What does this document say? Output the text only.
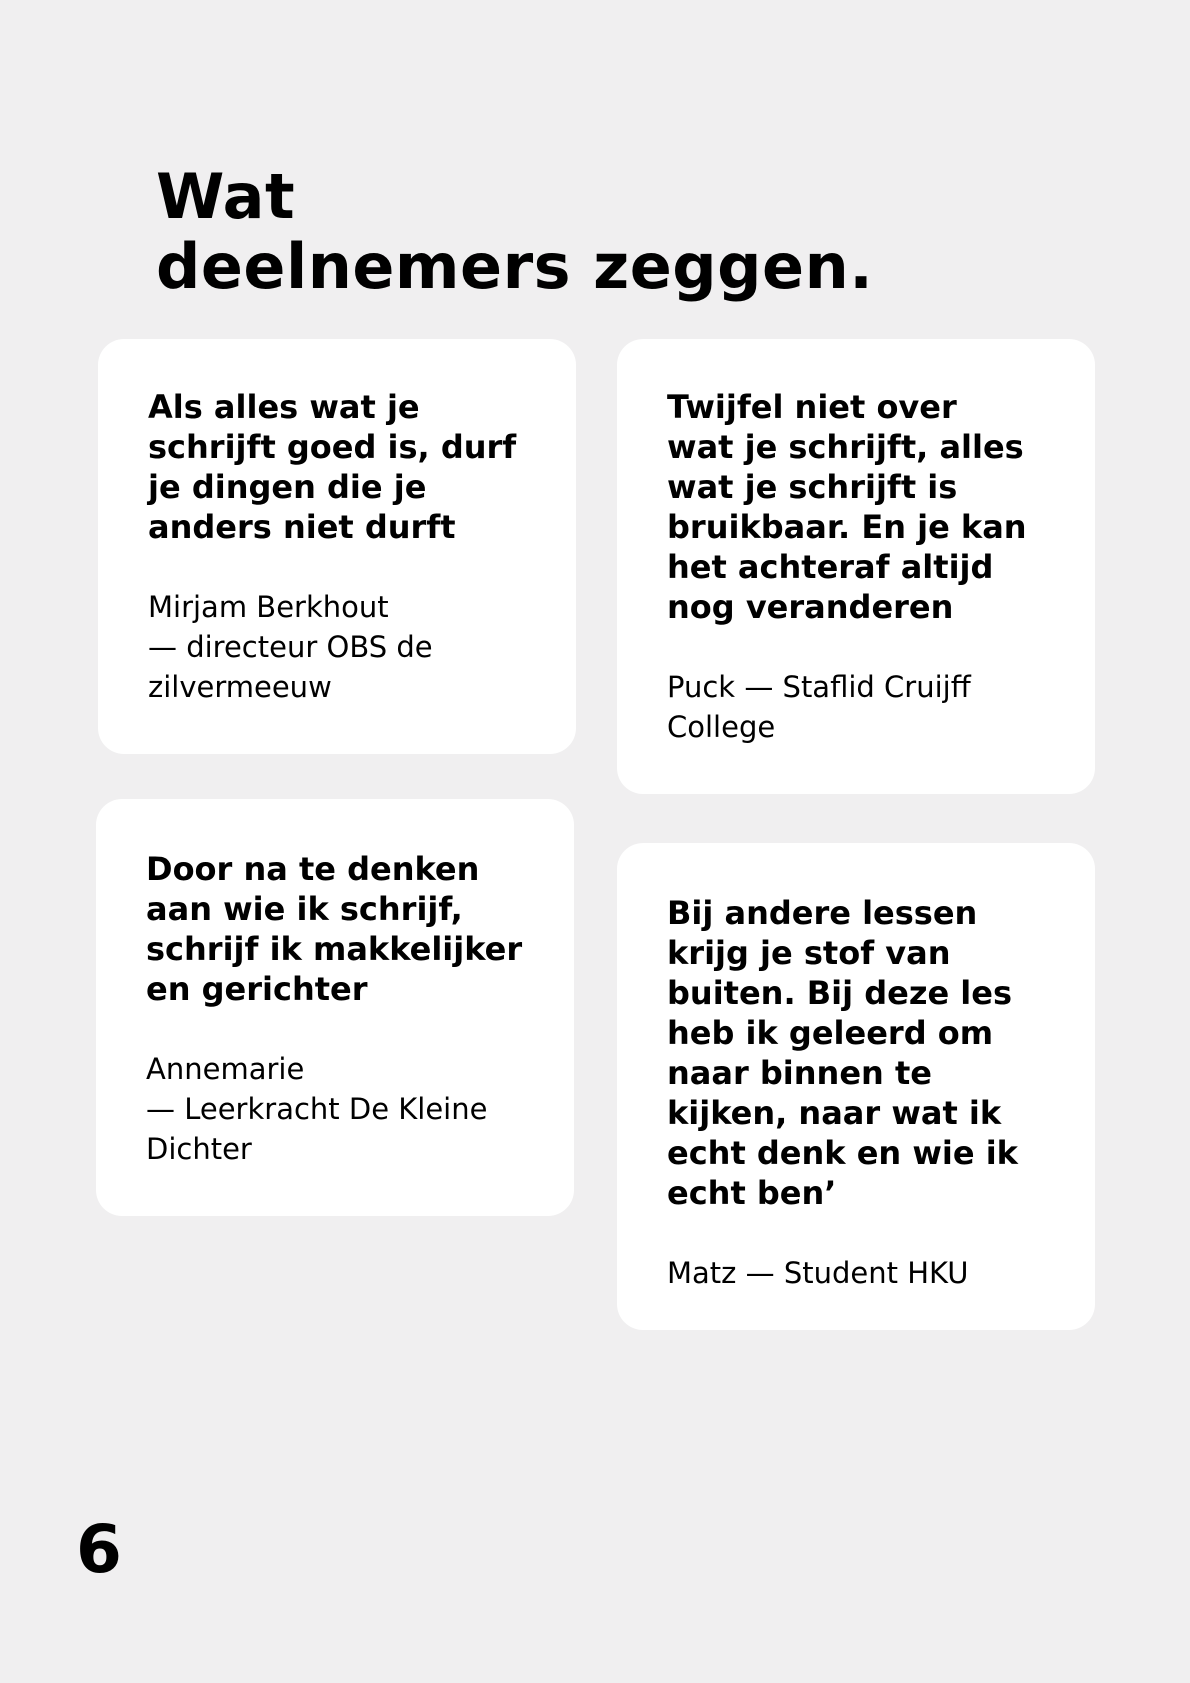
Wat
deelnemers zeggen.

Als alles wat je
schrijft goed is, durf
je dingen die je
anders niet durft

Mirjam Berkhout
— directeur OBS de
zilvermeeuw

Twijfel niet over
wat je schrijft, alles
wat je schrijft is
bruikbaar. En je kan
het achteraf altijd
nog veranderen

Puck — Staflid Cruijff
College

Door na te denken
aan wie ik schrijf,
schrijf ik makkelijker
en gerichter

Annemarie
— Leerkracht De Kleine
Dichter

Bij andere lessen
krijg je stof van
buiten. Bij deze les
heb ik geleerd om
naar binnen te
kijken, naar wat ik
echt denk en wie ik
echt ben’

Matz — Student HKU

6
